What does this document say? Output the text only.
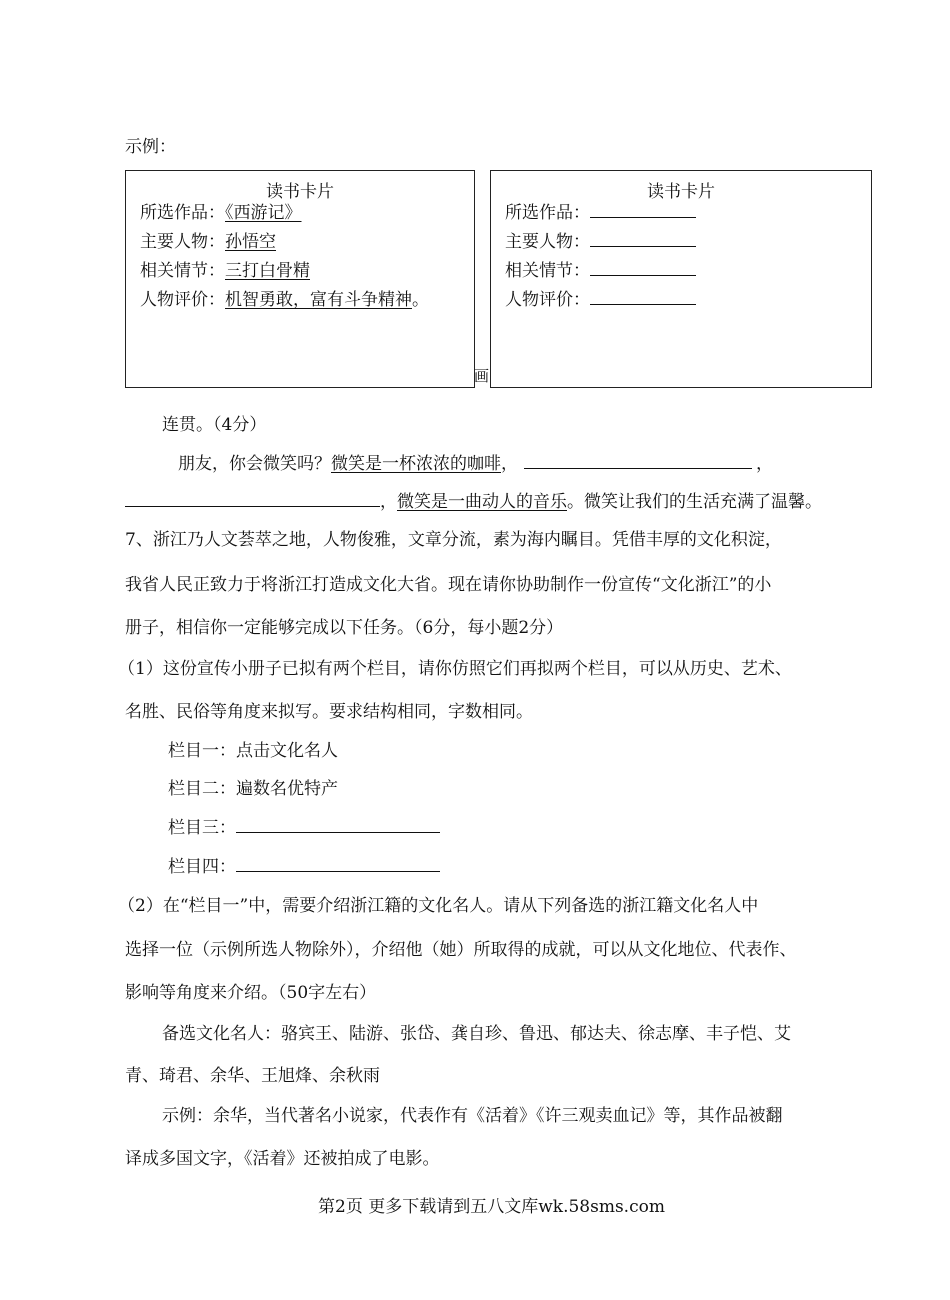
示例：
读书卡片
所选作品：《西游记》
主要人物：孙悟空
相关情节：三打白骨精
人物评价：机智勇敢，富有斗争精神。
画
读书卡片
所选作品：
主要人物：
相关情节：
人物评价：
连贯。（4分）
朋友，你会微笑吗？微笑是一杯浓浓的咖啡，	，
，微笑是一曲动人的音乐。微笑让我们的生活充满了温馨。
7、浙江乃人文荟萃之地，人物俊雅，文章分流，素为海内瞩目。凭借丰厚的文化积淀，
我省人民正致力于将浙江打造成文化大省。现在请你协助制作一份宣传“文化浙江”的小
册子，相信你一定能够完成以下任务。（6分，每小题2分）
（1）这份宣传小册子已拟有两个栏目，请你仿照它们再拟两个栏目，可以从历史、艺术、
名胜、民俗等角度来拟写。要求结构相同，字数相同。
栏目一：点击文化名人
栏目二：遍数名优特产
栏目三：
栏目四：
（2）在“栏目一”中，需要介绍浙江籍的文化名人。请从下列备选的浙江籍文化名人中
选择一位（示例所选人物除外），介绍他（她）所取得的成就，可以从文化地位、代表作、
影响等角度来介绍。（50字左右）
备选文化名人：骆宾王、陆游、张岱、龚自珍、鲁迅、郁达夫、徐志摩、丰子恺、艾
青、琦君、余华、王旭烽、余秋雨
示例：余华，当代著名小说家，代表作有《活着》《许三观卖血记》等，其作品被翻
译成多国文字，《活着》还被拍成了电影。
第2页 更多下载请到五八文库wk.58sms.com
